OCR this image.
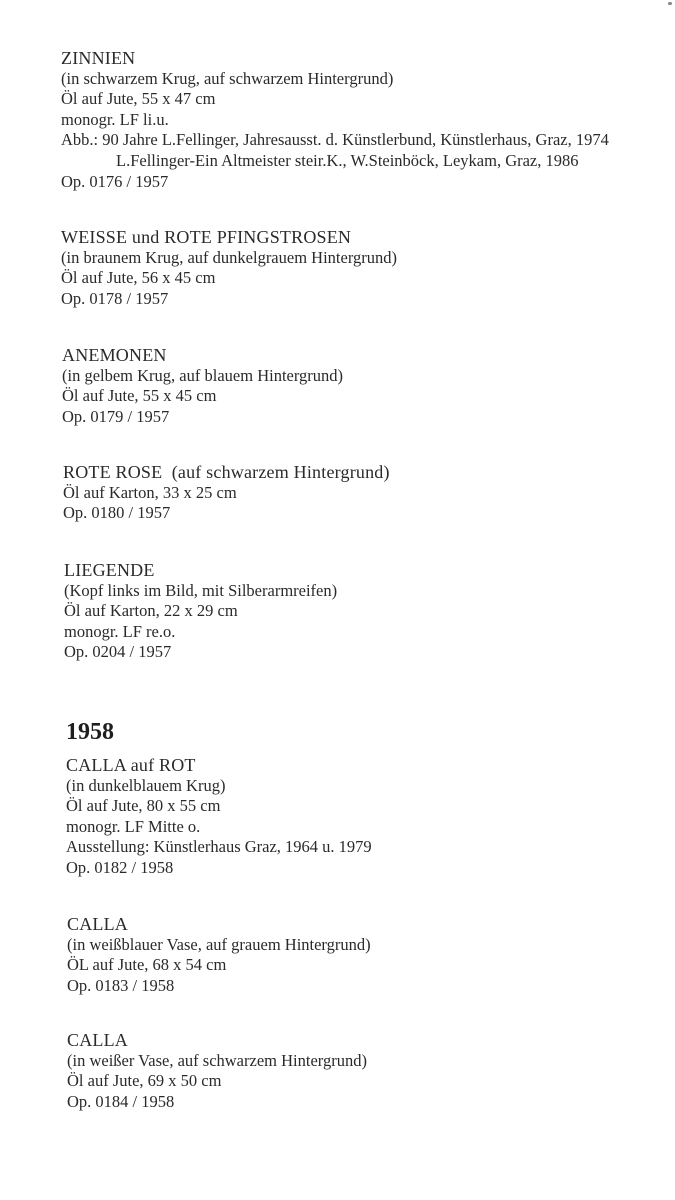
ZINNIEN
(in schwarzem Krug, auf schwarzem Hintergrund)
Öl auf Jute, 55 x 47 cm
monogr. LF li.u.
Abb.: 90 Jahre L.Fellinger, Jahresausst. d. Künstlerbund, Künstlerhaus, Graz, 1974
L.Fellinger-Ein Altmeister steir.K., W.Steinböck, Leykam, Graz, 1986
Op. 0176 / 1957
WEISSE und ROTE PFINGSTROSEN
(in braunem Krug, auf dunkelgrauem Hintergrund)
Öl auf Jute, 56 x 45 cm
Op. 0178 / 1957
ANEMONEN
(in gelbem Krug, auf blauem Hintergrund)
Öl auf Jute, 55 x 45 cm
Op. 0179 / 1957
ROTE ROSE  (auf schwarzem Hintergrund)
Öl auf Karton, 33 x 25 cm
Op. 0180 / 1957
LIEGENDE
(Kopf links im Bild, mit Silberarmreifen)
Öl auf Karton, 22 x 29 cm
monogr. LF re.o.
Op. 0204 / 1957
1958
CALLA auf ROT
(in dunkelblauem Krug)
Öl auf Jute, 80 x 55 cm
monogr. LF Mitte o.
Ausstellung: Künstlerhaus Graz, 1964 u. 1979
Op. 0182 / 1958
CALLA
(in weißblauer Vase, auf grauem Hintergrund)
ÖL auf Jute, 68 x 54 cm
Op. 0183 / 1958
CALLA
(in weißer Vase, auf schwarzem Hintergrund)
Öl auf Jute, 69 x 50 cm
Op. 0184 / 1958
